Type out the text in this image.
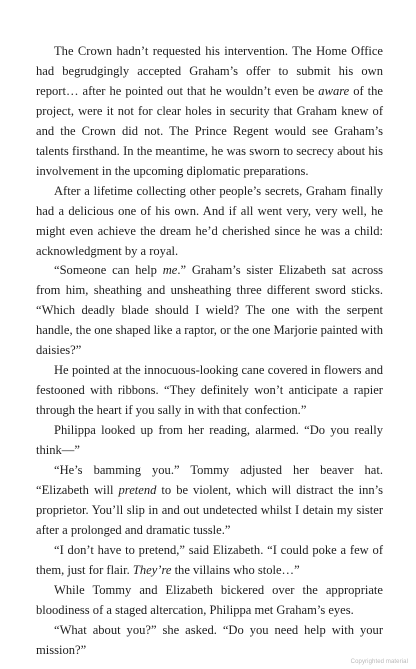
The Crown hadn’t requested his intervention. The Home Office had begrudgingly accepted Graham’s offer to submit his own report… after he pointed out that he wouldn’t even be aware of the project, were it not for clear holes in security that Graham knew of and the Crown did not. The Prince Regent would see Graham’s talents firsthand. In the meantime, he was sworn to secrecy about his involvement in the upcoming diplomatic preparations.

After a lifetime collecting other people’s secrets, Graham finally had a delicious one of his own. And if all went very, very well, he might even achieve the dream he’d cherished since he was a child: acknowledgment by a royal.

“Someone can help me.” Graham’s sister Elizabeth sat across from him, sheathing and unsheathing three different sword sticks. “Which deadly blade should I wield? The one with the serpent handle, the one shaped like a raptor, or the one Marjorie painted with daisies?”

He pointed at the innocuous-looking cane covered in flowers and festooned with ribbons. “They definitely won’t anticipate a rapier through the heart if you sally in with that confection.”

Philippa looked up from her reading, alarmed. “Do you really think—”

“He’s bamming you.” Tommy adjusted her beaver hat. “Elizabeth will pretend to be violent, which will distract the inn’s proprietor. You’ll slip in and out undetected whilst I detain my sister after a prolonged and dramatic tussle.”

“I don’t have to pretend,” said Elizabeth. “I could poke a few of them, just for flair. They’re the villains who stole…”

While Tommy and Elizabeth bickered over the appropriate bloodiness of a staged altercation, Philippa met Graham’s eyes.

“What about you?” she asked. “Do you need help with your mission?”

Copyrighted material
